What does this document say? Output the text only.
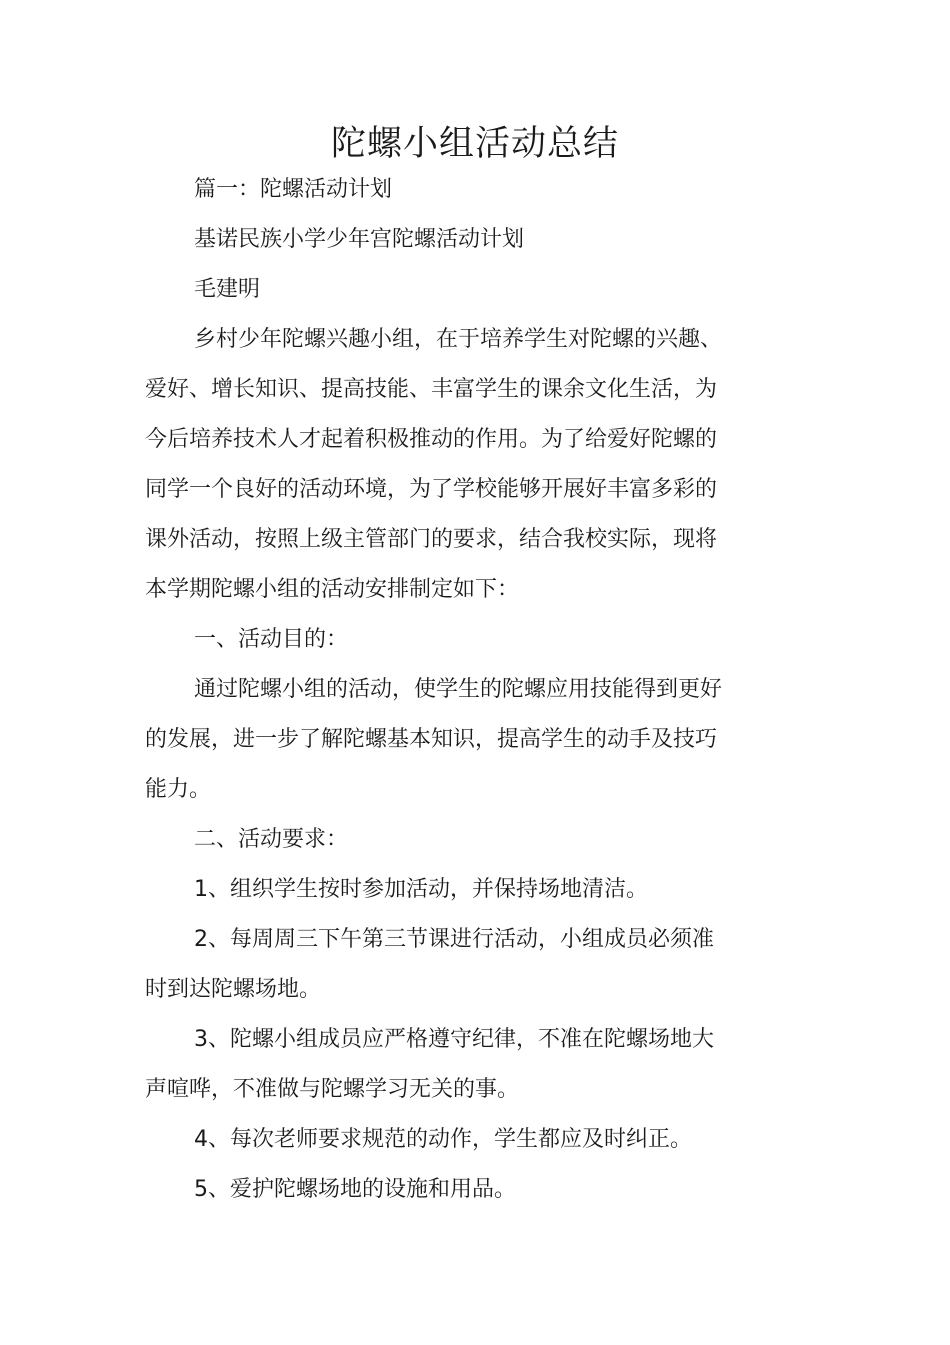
陀螺小组活动总结
篇一：陀螺活动计划
基诺民族小学少年宫陀螺活动计划
毛建明
乡村少年陀螺兴趣小组，在于培养学生对陀螺的兴趣、
爱好、增长知识、提高技能、丰富学生的课余文化生活，为
今后培养技术人才起着积极推动的作用。为了给爱好陀螺的
同学一个良好的活动环境，为了学校能够开展好丰富多彩的
课外活动，按照上级主管部门的要求，结合我校实际，现将
本学期陀螺小组的活动安排制定如下：
一、活动目的：
通过陀螺小组的活动，使学生的陀螺应用技能得到更好
的发展，进一步了解陀螺基本知识，提高学生的动手及技巧
能力。
二、活动要求：
1、组织学生按时参加活动，并保持场地清洁。
2、每周周三下午第三节课进行活动，小组成员必须准
时到达陀螺场地。
3、陀螺小组成员应严格遵守纪律，不准在陀螺场地大
声喧哗，不准做与陀螺学习无关的事。
4、每次老师要求规范的动作，学生都应及时纠正。
5、爱护陀螺场地的设施和用品。
